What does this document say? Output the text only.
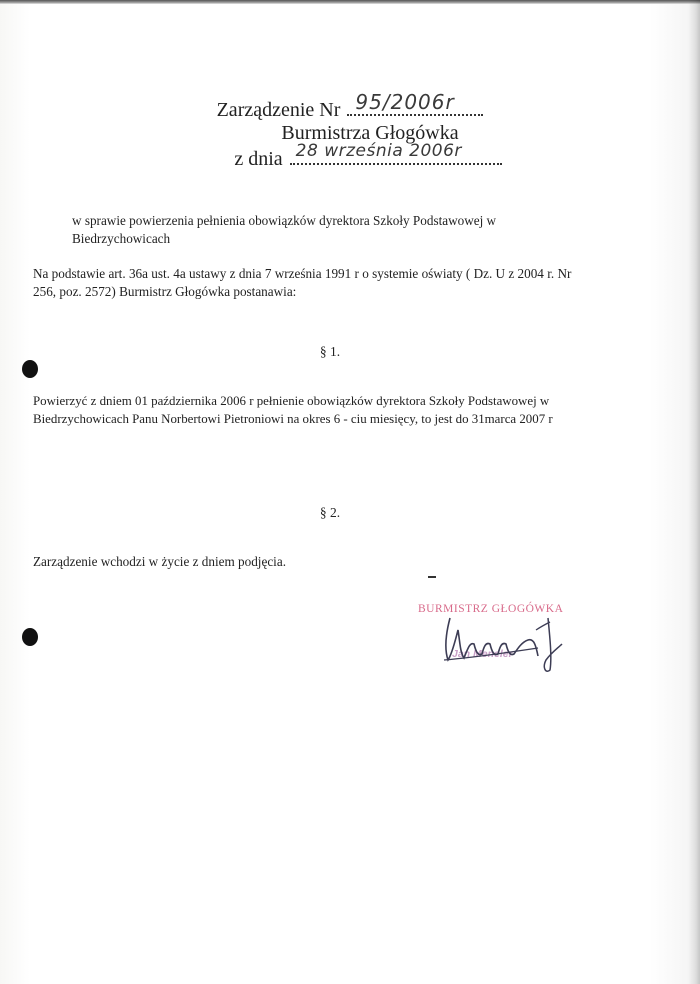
Zarządzenie Nr 95/2006r
Burmistrza Głogówka
z dnia 28 września 2006r
w sprawie powierzenia pełnienia obowiązków dyrektora Szkoły Podstawowej w
Biedrzychowicach
Na podstawie art. 36a ust. 4a ustawy z dnia 7 września 1991 r o systemie oświaty ( Dz. U z 2004 r. Nr
256, poz. 2572) Burmistrz Głogówka postanawia:
§ 1.
Powierzyć z dniem 01 października 2006 r pełnienie obowiązków dyrektora Szkoły Podstawowej w
Biedrzychowicach Panu Norbertowi Pietroniowi na okres 6 - ciu miesięcy, to jest do 31marca 2007 r
§ 2.
Zarządzenie wchodzi w życie z dniem podjęcia.
BURMISTRZ GŁOGÓWKA
Jan Meneler
